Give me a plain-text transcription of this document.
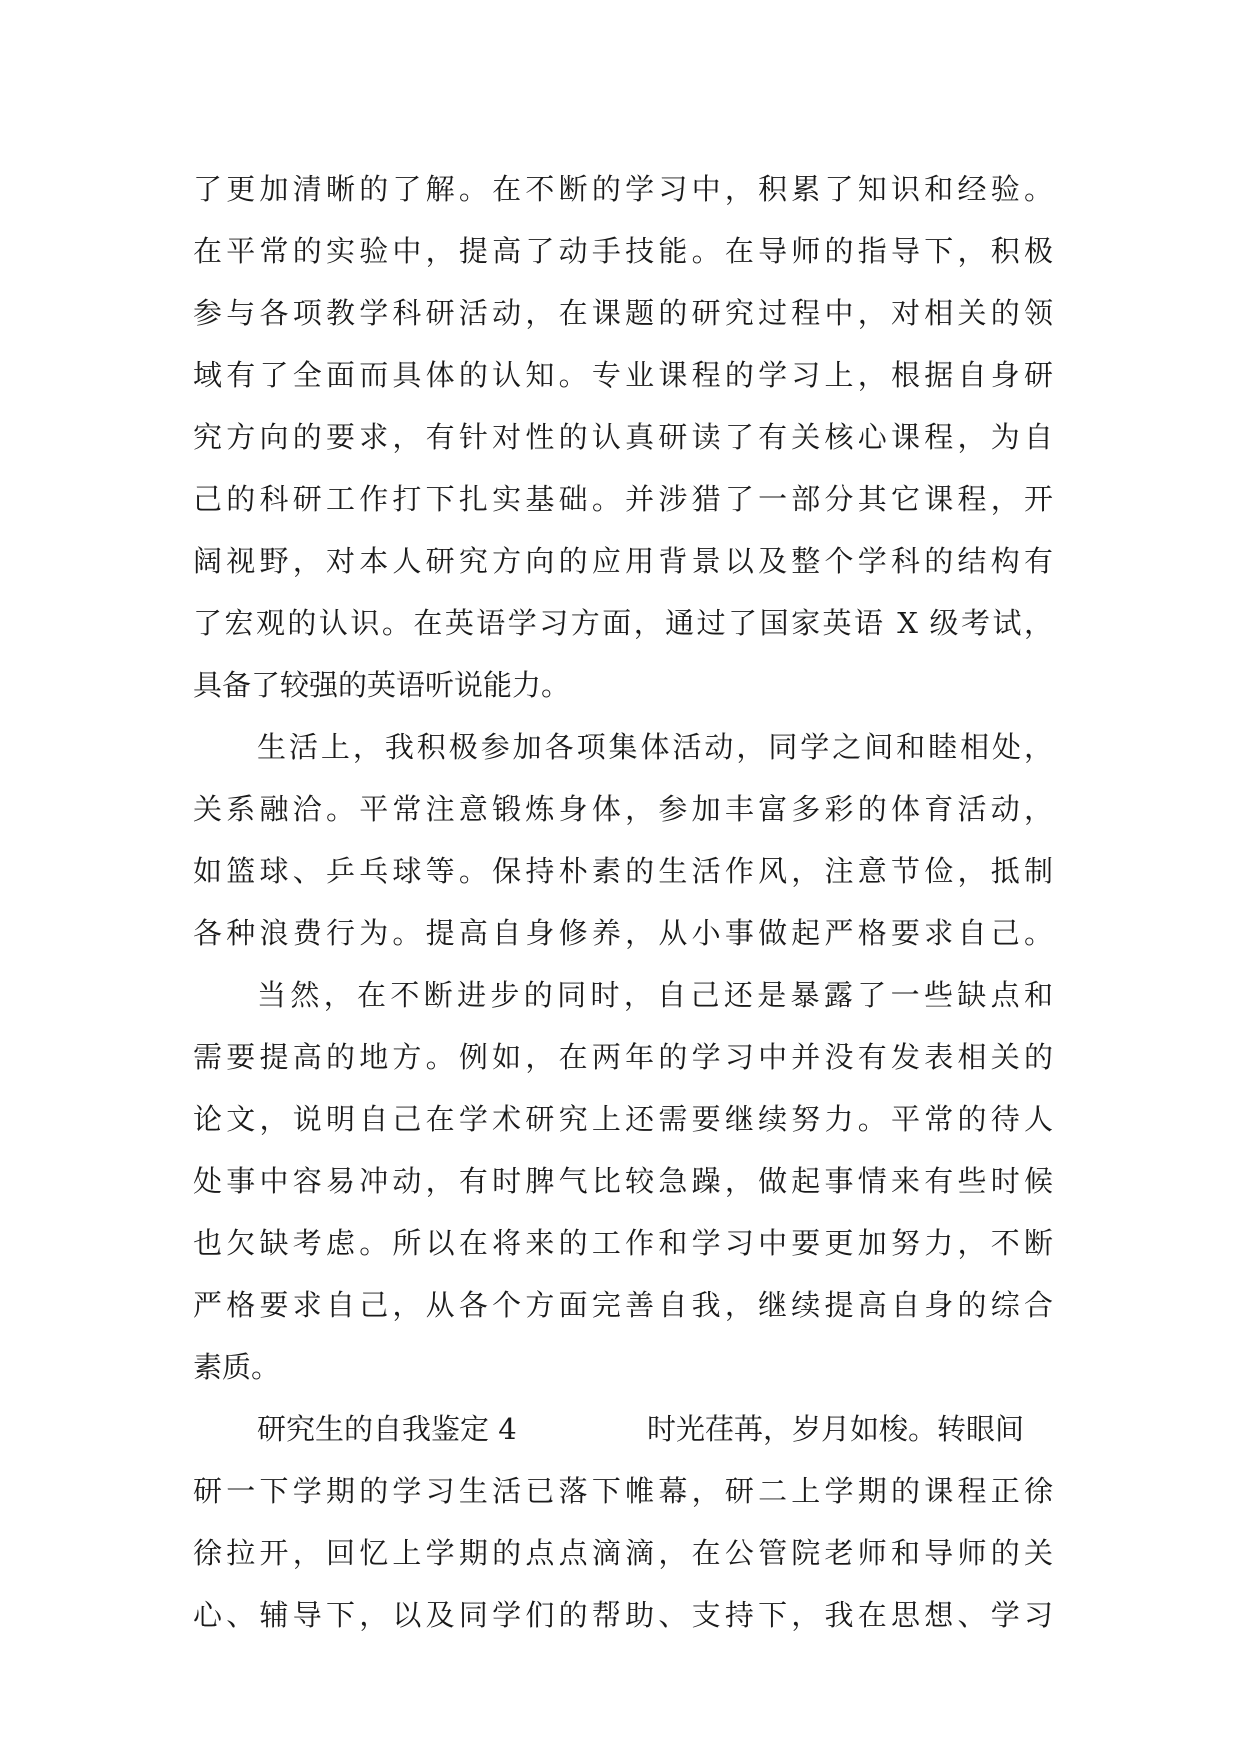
了更加清晰的了解。在不断的学习中，积累了知识和经验。
在平常的实验中，提高了动手技能。在导师的指导下，积极
参与各项教学科研活动，在课题的研究过程中，对相关的领
域有了全面而具体的认知。专业课程的学习上，根据自身研
究方向的要求，有针对性的认真研读了有关核心课程，为自
己的科研工作打下扎实基础。并涉猎了一部分其它课程，开
阔视野，对本人研究方向的应用背景以及整个学科的结构有
了宏观的认识。在英语学习方面，通过了国家英语 X 级考试，
具备了较强的英语听说能力。
生活上，我积极参加各项集体活动，同学之间和睦相处，
关系融洽。平常注意锻炼身体，参加丰富多彩的体育活动，
如篮球、乒乓球等。保持朴素的生活作风，注意节俭，抵制
各种浪费行为。提高自身修养，从小事做起严格要求自己。
当然，在不断进步的同时，自己还是暴露了一些缺点和
需要提高的地方。例如，在两年的学习中并没有发表相关的
论文，说明自己在学术研究上还需要继续努力。平常的待人
处事中容易冲动，有时脾气比较急躁，做起事情来有些时候
也欠缺考虑。所以在将来的工作和学习中要更加努力，不断
严格要求自己，从各个方面完善自我，继续提高自身的综合
素质。
研究生的自我鉴定 4	时光荏苒，岁月如梭。转眼间
研一下学期的学习生活已落下帷幕，研二上学期的课程正徐
徐拉开，回忆上学期的点点滴滴，在公管院老师和导师的关
心、辅导下，以及同学们的帮助、支持下，我在思想、学习
